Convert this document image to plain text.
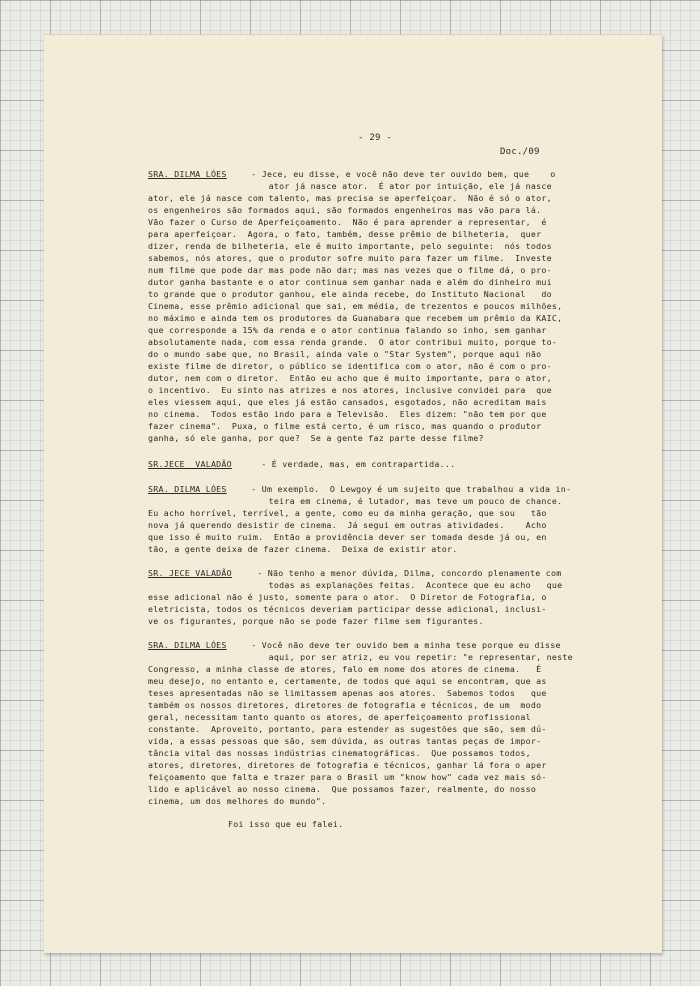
- 29 -

Doc./09

SRA. DILMA LÓES - Jece, eu disse, e você não deve ter ouvido bem, que    o
ator já nasce ator.  É ator por intuição, ele já nasce
ator, ele já nasce com talento, mas precisa se aperfeiçoar.  Não é só o ator,
os engenheiros são formados aqui, são formados engenheiros mas vão para lá.
Vão fazer o Curso de Aperfeiçoamento.  Não é para aprender a representar,  é
para aperfeiçoar.  Agora, o fato, também, desse prêmio de bilheteria,  quer
dizer, renda de bilheteria, ele é muito importante, pelo seguinte:  nós todos
sabemos, nós atores, que o produtor sofre muito para fazer um filme.  Investe
num filme que pode dar mas pode não dar; mas nas vezes que o filme dá, o pro-
dutor ganha bastante e o ator continua sem ganhar nada e além do dinheiro mui
to grande que o produtor ganhou, ele ainda recebe, do Instituto Nacional   do
Cinema, esse prêmio adicional que sai, em média, de trezentos e poucos milhões,
no máximo e ainda tem os produtores da Guanabara que recebem um prêmio da KAIC,
que corresponde a 15% da renda e o ator continua falando so inho, sem ganhar
absolutamente nada, com essa renda grande.  O ator contribui muito, porque to-
do o mundo sabe que, no Brasil, ainda vale o "Star System", porque aqui não
existe filme de diretor, o público se identifica com o ator, não é com o pro-
dutor, nem com o diretor.  Então eu acho que é muito importante, para o ator,
o incentivo.  Eu sinto nas atrizes e nos atores, inclusive convidei para  que
eles viessem aqui, que eles já estão cansados, esgotados, não acreditam mais
no cinema.  Todos estão indo para a Televisão.  Eles dizem: "não tem por que
fazer cinema".  Puxa, o filme está certo, é um risco, mas quando o produtor
ganha, só ele ganha, por que?  Se a gente faz parte desse filme?
SR.JECE  VALADÃO	- É verdade, mas, em contrapartida...
SRA. DILMA LÓES - Um exemplo.  O Lewgoy é um sujeito que trabalhou a vida in-
teira em cinema, é lutador, mas teve um pouco de chance.
Eu acho horrível, terrível, a gente, como eu da minha geração, que sou   tão
nova já querendo desistir de cinema.  Já segui em outras atividades.    Acho
que isso é muito ruim.  Então a providência dever ser tomada desde já ou, en
tão, a gente deixa de fazer cinema.  Deixa de existir ator.
SR. JECE VALADÃO - Não tenho a menor dúvida, Dilma, concordo plenamente com
todas as explanações feitas.  Acontece que eu acho   que
esse adicional não é justo, somente para o ator.  O Diretor de Fotografia, o
eletricista, todos os técnicos deveriam participar desse adicional, inclusi-
ve os figurantes, porque não se pode fazer filme sem figurantes.
SRA. DILMA LÓES - Você não deve ter ouvido bem a minha tese porque eu disse
aqui, por ser atriz, eu vou repetir: "e representar, neste
Congresso, a minha classe de atores, falo em nome dos atores de cinema.   É
meu desejo, no entanto e, certamente, de todos que aqui se encontram, que as
teses apresentadas não se limitassem apenas aos atores.  Sabemos todos   que
também os nossos diretores, diretores de fotografia e técnicos, de um  modo
geral, necessitam tanto quanto os atores, de aperfeiçoamento profissional
constante.  Aproveito, portanto, para estender as sugestões que são, sem dú-
vida, a essas pessoas que são, sem dúvida, as outras tantas peças de impor-
tância vital das nossas indústrias cinematográficas.  Que possamos todos,
atores, diretores, diretores de fotografia e técnicos, ganhar lá fora o aper
feiçoamento que falta e trazer para o Brasil um "know how" cada vez mais só-
lido e aplicável ao nosso cinema.  Que possamos fazer, realmente, do nosso
cinema, um dos melhores do mundo".

Foi isso que eu falei.
